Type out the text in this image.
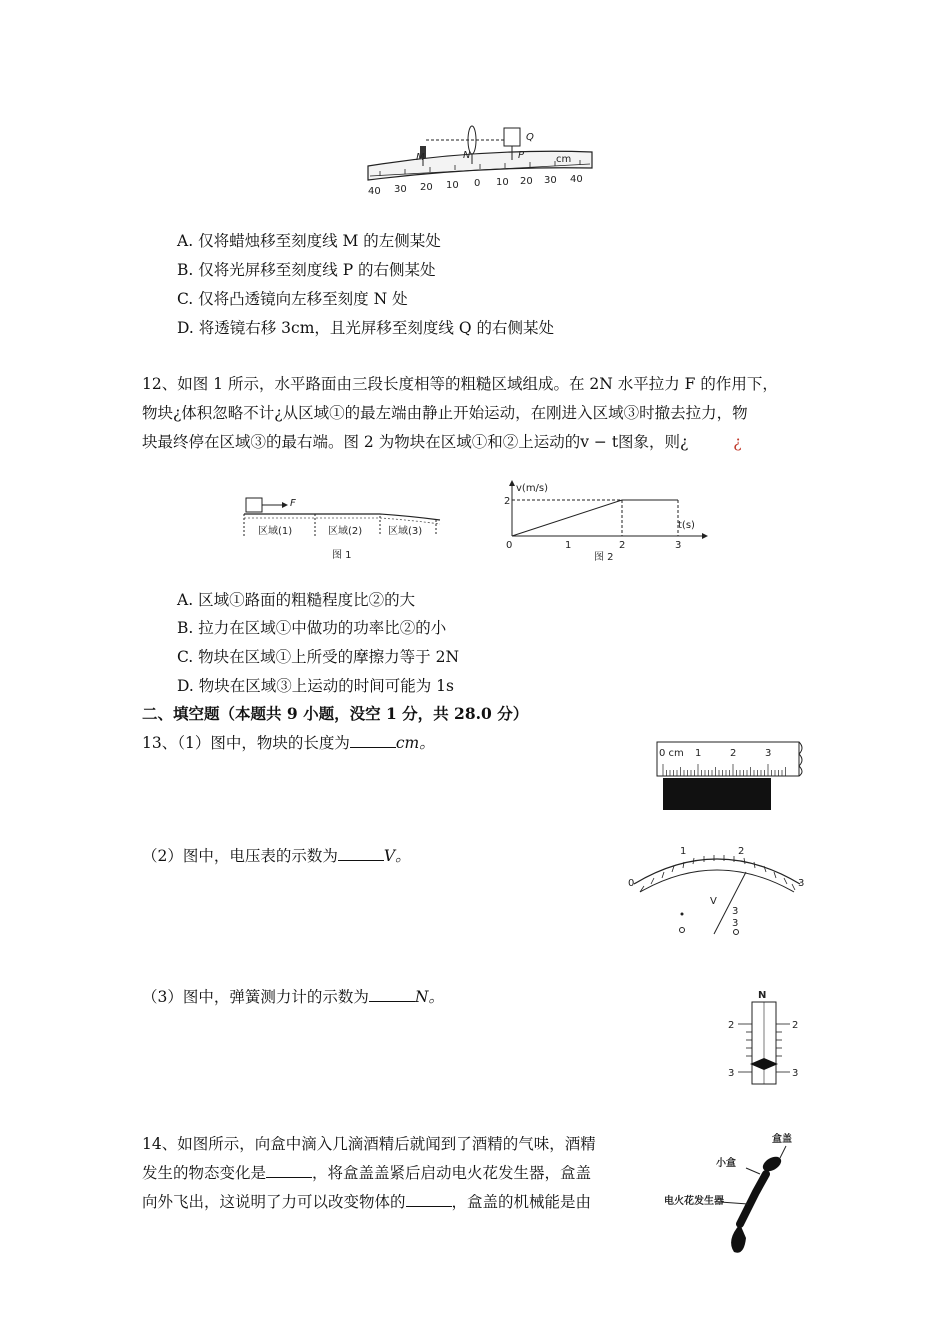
M	N	P
Q
40 30 20 10 0 10 20 30 40
cm
A. 仅将蜡烛移至刻度线 M 的左侧某处
B. 仅将光屏移至刻度线 P 的右侧某处
C. 仅将凸透镜向左移至刻度 N 处
D. 将透镜右移 3cm，且光屏移至刻度线 Q 的右侧某处
12、如图 1 所示，水平路面由三段长度相等的粗糙区域组成。在 2N 水平拉力 F 的作用下，
物块¿体积忽略不计¿从区域①的最左端由静止开始运动，在刚进入区域③时撤去拉力，物
块最终停在区域③的最右端。图 2 为物块在区域①和②上运动的v − t图象，则¿	¿
F
区域(1)	区域(2)	区域(3)
图 1
v(m/s)
t(s)
2
0	1	2	3
图 2
A. 区域①路面的粗糙程度比②的大
B. 拉力在区域①中做功的功率比②的小
C. 物块在区域①上所受的摩擦力等于 2N
D. 物块在区域③上运动的时间可能为 1s
二、填空题（本题共 9 小题，没空 1 分，共 28.0 分）
13、（1）图中，物块的长度为	cm。
0 cm 1	2	3
（2）图中，电压表的示数为	V。
0
1	2
3
V
3
3
（3）图中，弹簧测力计的示数为	N。	N
2	2
3	3
14、如图所示，向盒中滴入几滴酒精后就闻到了酒精的气味，酒精
发生的物态变化是	，将盒盖盖紧后启动电火花发生器，盒盖
向外飞出，这说明了力可以改变物体的	，盒盖的机械能是由
盒盖
小盒
电火花发生器
